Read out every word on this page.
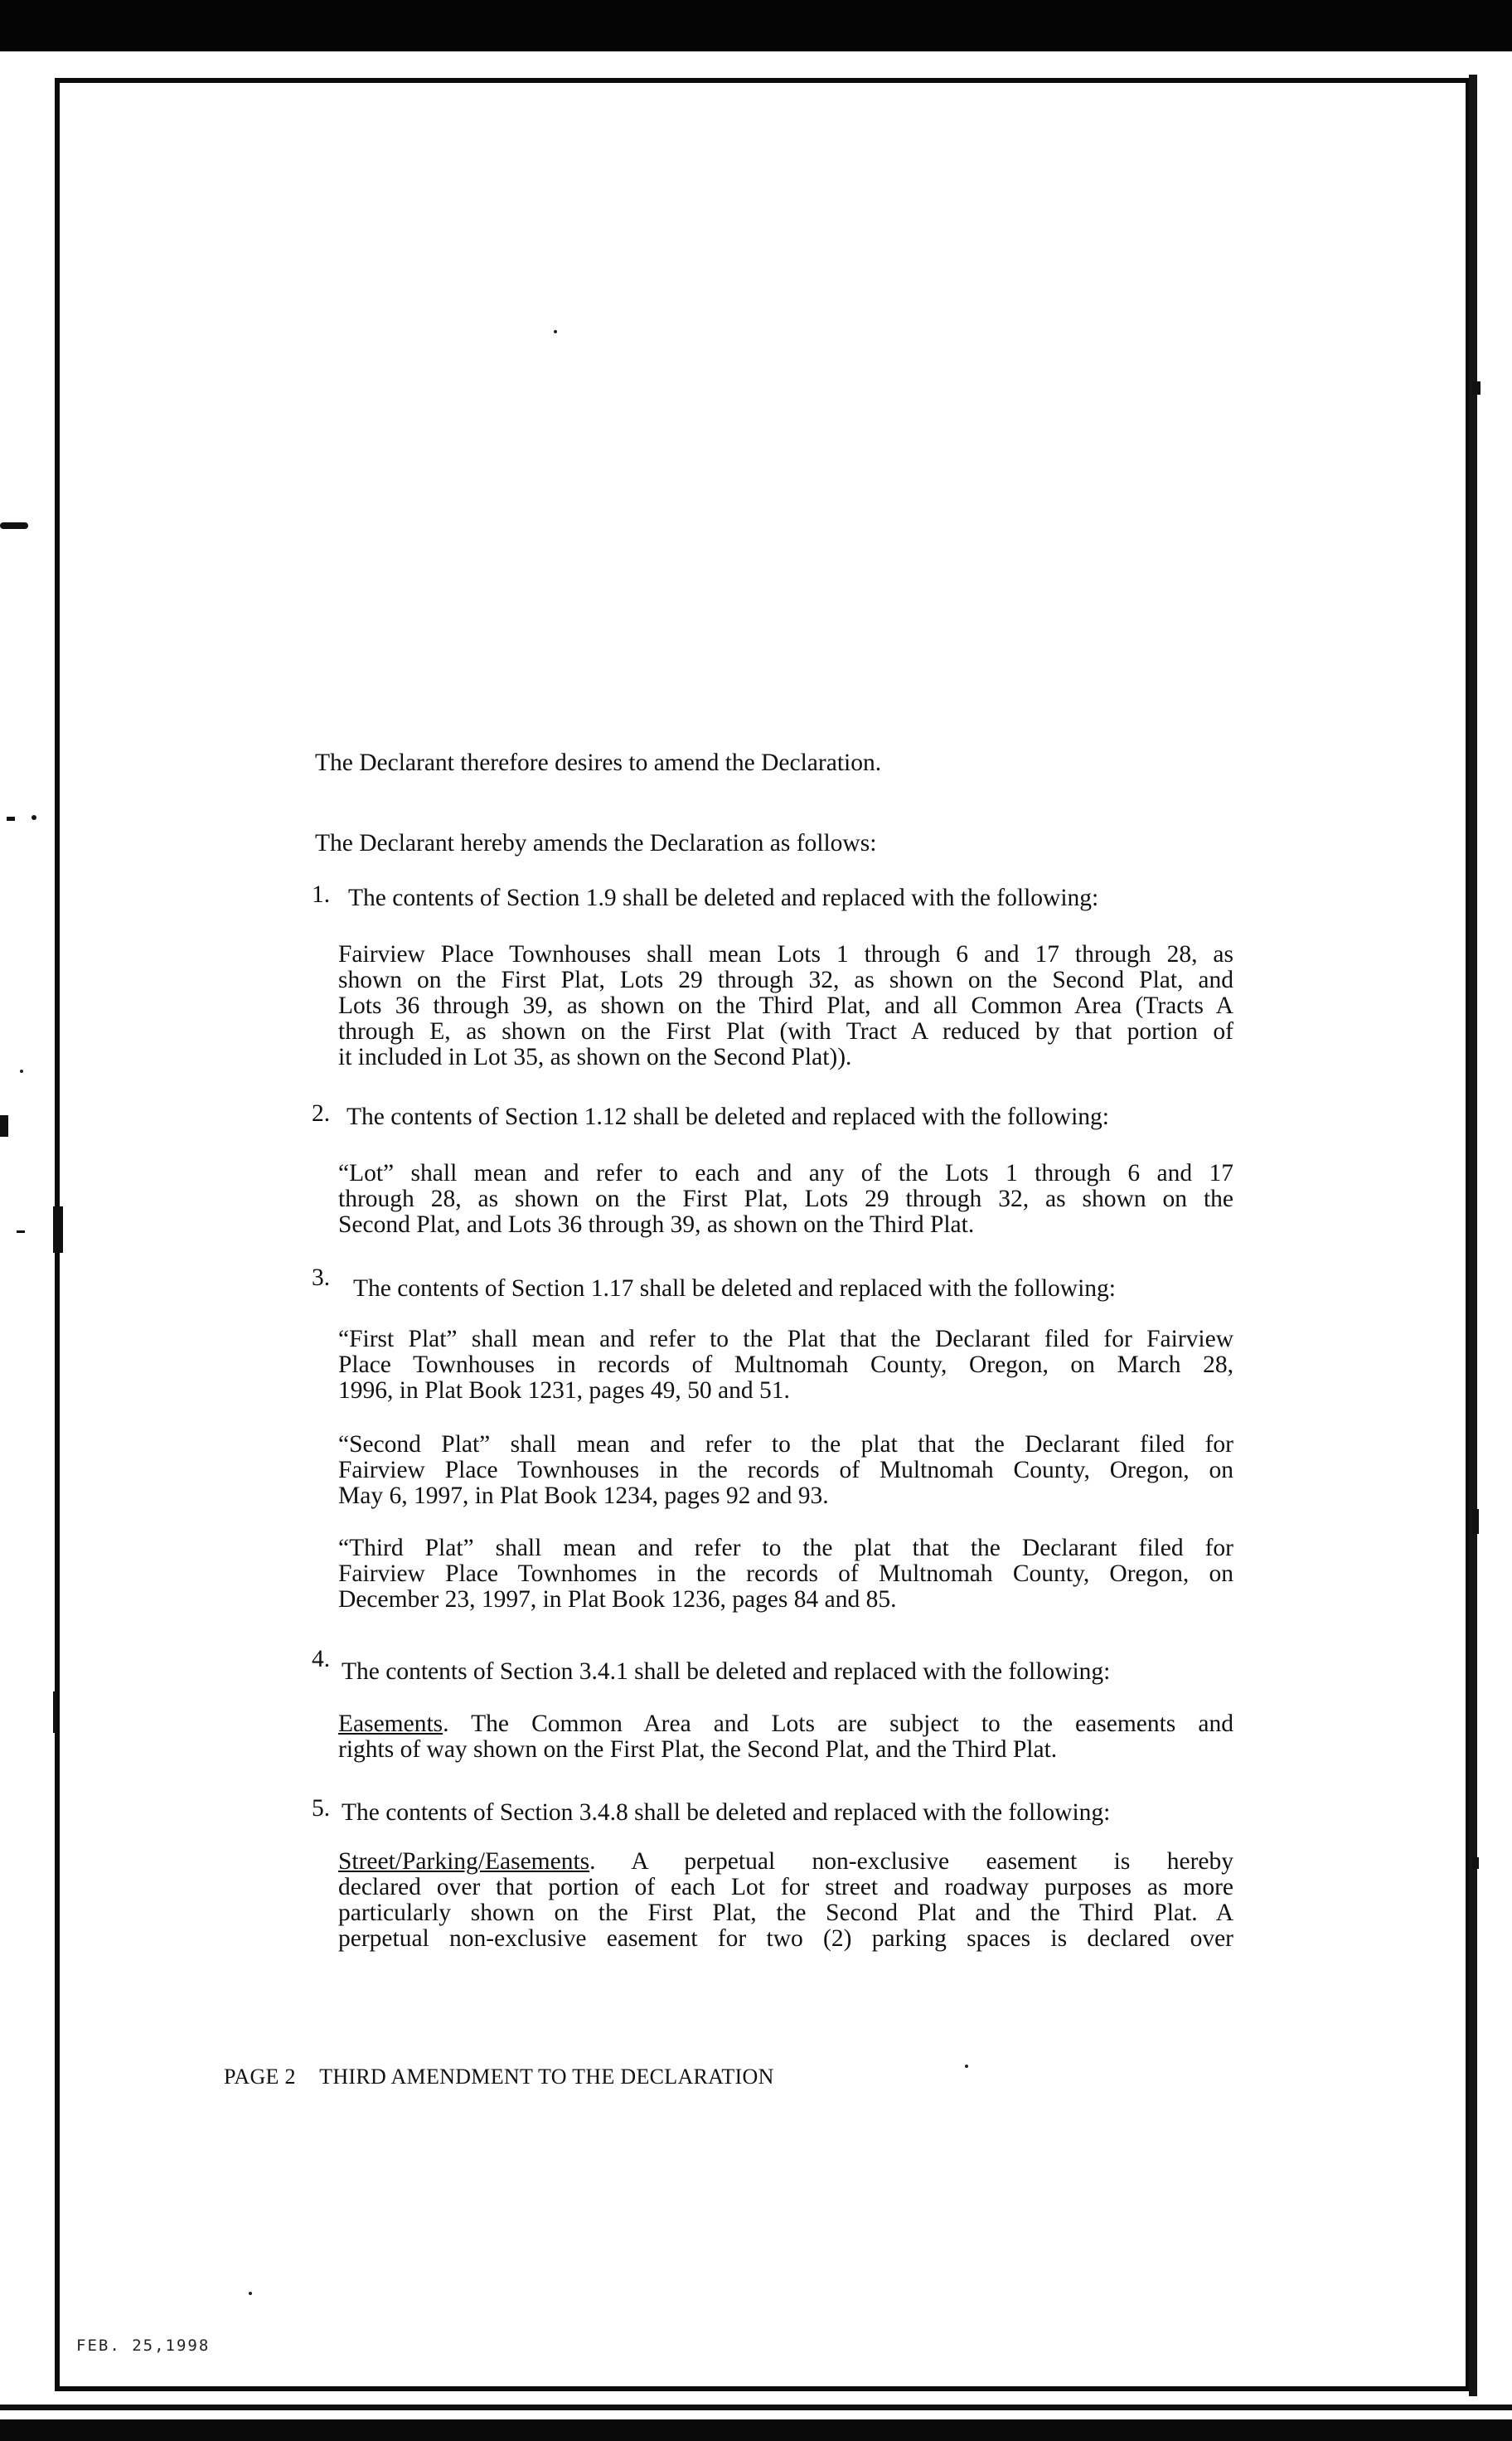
The Declarant therefore desires to amend the Declaration.
The Declarant hereby amends the Declaration as follows:
1. The contents of Section 1.9 shall be deleted and replaced with the following:
Fairview Place Townhouses shall mean Lots 1 through 6 and 17 through 28, as
shown on the First Plat, Lots 29 through 32, as shown on the Second Plat, and
Lots 36 through 39, as shown on the Third Plat, and all Common Area (Tracts A
through E, as shown on the First Plat (with Tract A reduced by that portion of
it included in Lot 35, as shown on the Second Plat)).
2. The contents of Section 1.12 shall be deleted and replaced with the following:
“Lot” shall mean and refer to each and any of the Lots 1 through 6 and 17
through 28, as shown on the First Plat, Lots 29 through 32, as shown on the
Second Plat, and Lots 36 through 39, as shown on the Third Plat.
3. The contents of Section 1.17 shall be deleted and replaced with the following:
“First Plat” shall mean and refer to the Plat that the Declarant filed for Fairview
Place Townhouses in records of Multnomah County, Oregon, on March 28,
1996, in Plat Book 1231, pages 49, 50 and 51.
“Second Plat” shall mean and refer to the plat that the Declarant filed for
Fairview Place Townhouses in the records of Multnomah County, Oregon, on
May 6, 1997, in Plat Book 1234, pages 92 and 93.
“Third Plat” shall mean and refer to the plat that the Declarant filed for
Fairview Place Townhomes in the records of Multnomah County, Oregon, on
December 23, 1997, in Plat Book 1236, pages 84 and 85.
4. The contents of Section 3.4.1 shall be deleted and replaced with the following:
Easements. The Common Area and Lots are subject to the easements and
rights of way shown on the First Plat, the Second Plat, and the Third Plat.
5. The contents of Section 3.4.8 shall be deleted and replaced with the following:
Street/Parking/Easements. A perpetual non-exclusive easement is hereby
declared over that portion of each Lot for street and roadway purposes as more
particularly shown on the First Plat, the Second Plat and the Third Plat. A
perpetual non-exclusive easement for two (2) parking spaces is declared over
PAGE 2 THIRD AMENDMENT TO THE DECLARATION
FEB. 25,1998
